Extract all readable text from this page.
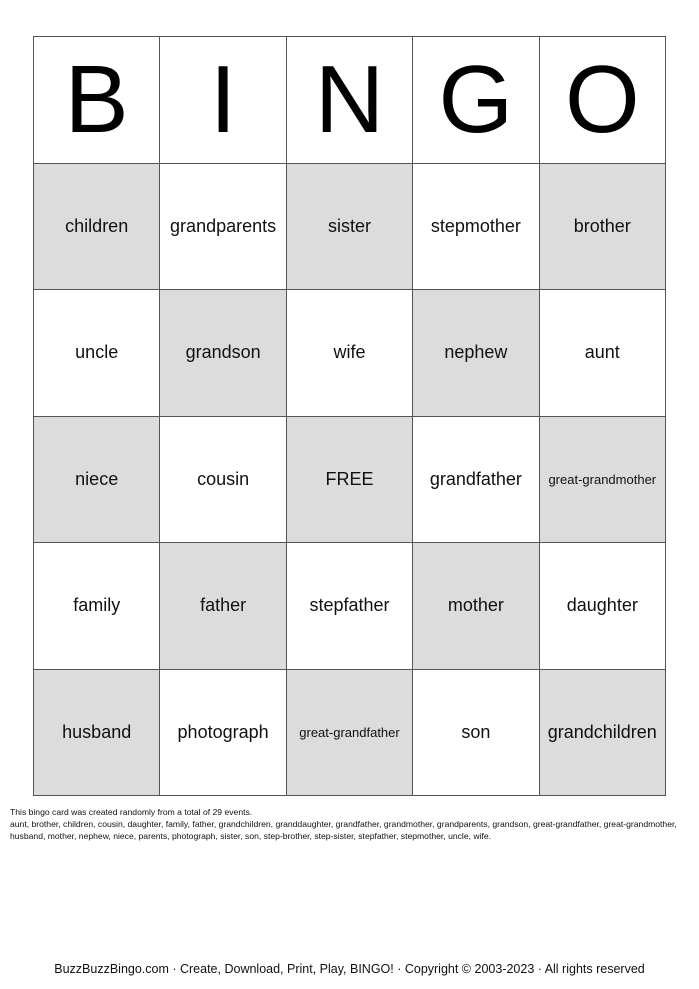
B I N G O
children	grandparents	sister	stepmother	brother
uncle	grandson	wife	nephew	aunt
niece	cousin	FREE	grandfather	great-grandmother
family	father	stepfather	mother	daughter
husband	photograph	great-grandfather	son	grandchildren
This bingo card was created randomly from a total of 29 events.
aunt, brother, children, cousin, daughter, family, father, grandchildren, granddaughter, grandfather, grandmother, grandparents, grandson, great-grandfather, great-grandmother, husband, mother, nephew, niece, parents, photograph, sister, son, step-brother, step-sister, stepfather, stepmother, uncle, wife.
BuzzBuzzBingo.com · Create, Download, Print, Play, BINGO! · Copyright © 2003-2023 · All rights reserved
